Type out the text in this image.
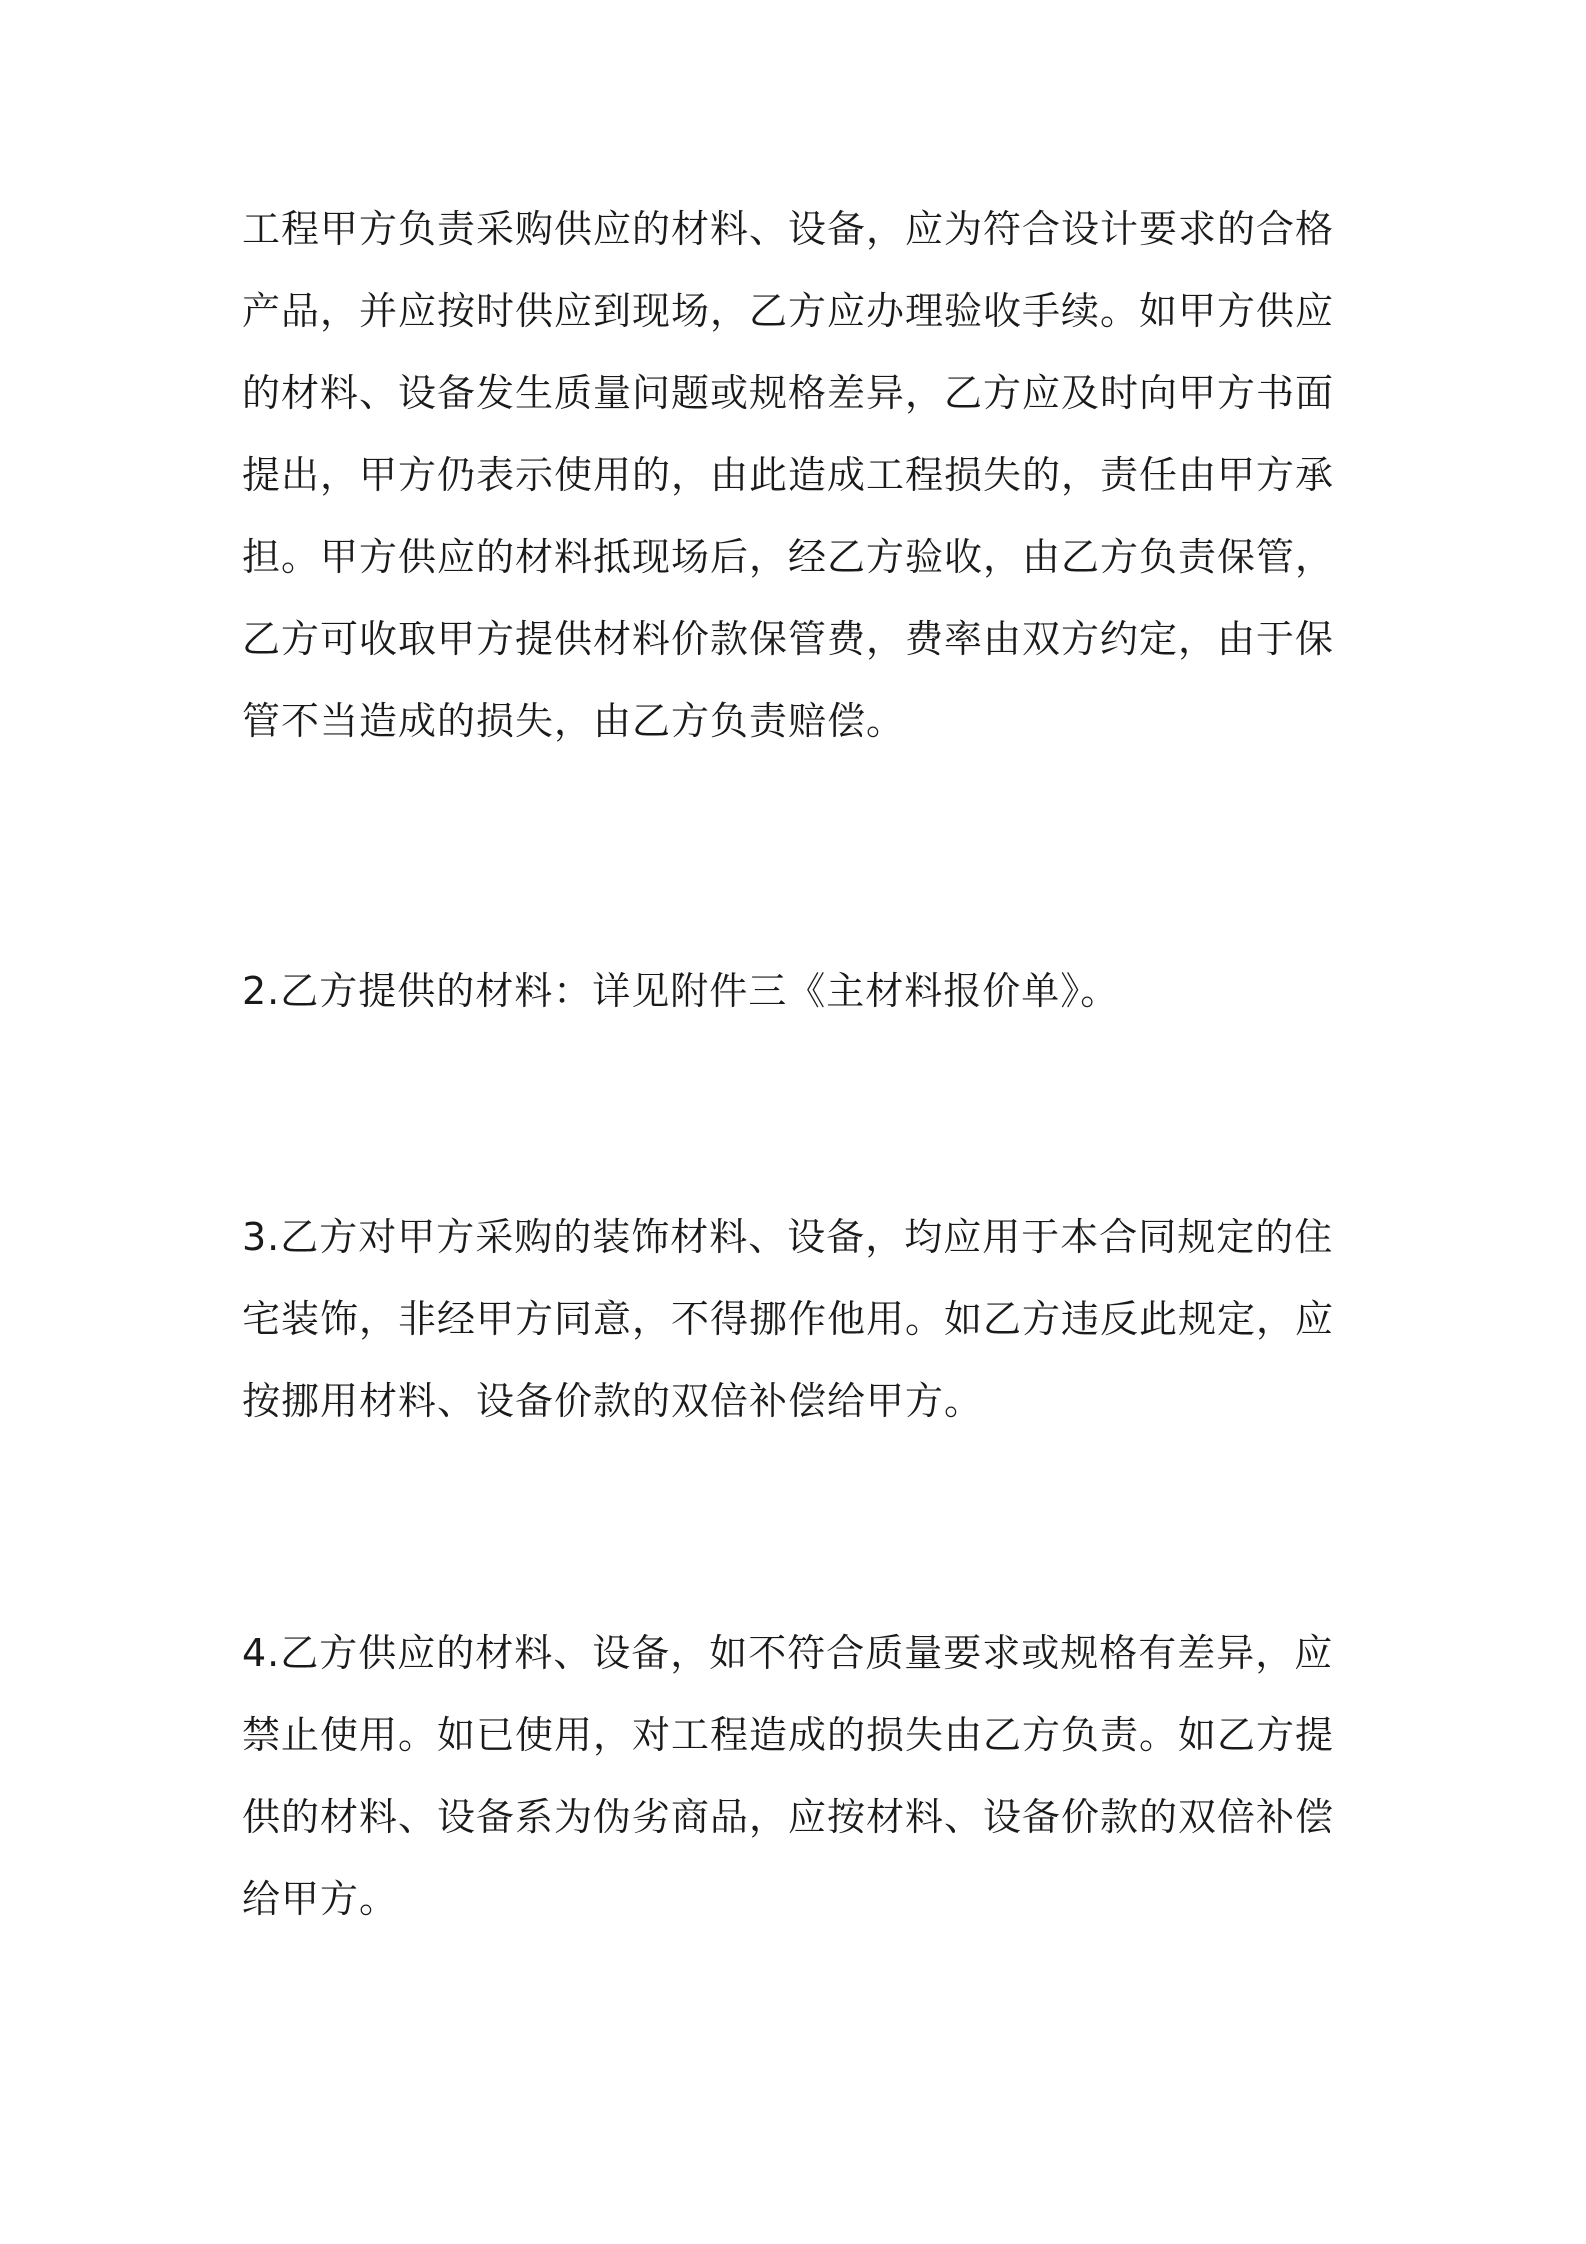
工程甲方负责采购供应的材料、设备，应为符合设计要求的合格
产品，并应按时供应到现场，乙方应办理验收手续。如甲方供应
的材料、设备发生质量问题或规格差异，乙方应及时向甲方书面
提出，甲方仍表示使用的，由此造成工程损失的，责任由甲方承
担。甲方供应的材料抵现场后，经乙方验收，由乙方负责保管，
乙方可收取甲方提供材料价款保管费，费率由双方约定，由于保
管不当造成的损失，由乙方负责赔偿。

2.乙方提供的材料：详见附件三《主材料报价单》。

3.乙方对甲方采购的装饰材料、设备，均应用于本合同规定的住
宅装饰，非经甲方同意，不得挪作他用。如乙方违反此规定，应
按挪用材料、设备价款的双倍补偿给甲方。

4.乙方供应的材料、设备，如不符合质量要求或规格有差异，应
禁止使用。如已使用，对工程造成的损失由乙方负责。如乙方提
供的材料、设备系为伪劣商品，应按材料、设备价款的双倍补偿
给甲方。
